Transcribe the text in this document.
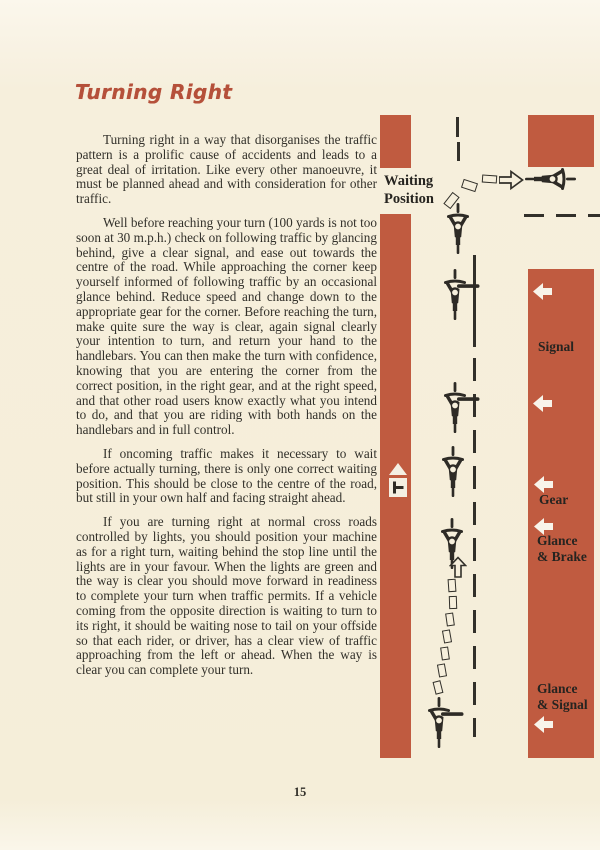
Turning Right

Turning right in a way that disorganises the traffic pattern is a prolific cause of accidents and leads to a great deal of irritation. Like every other manoeuvre, it must be planned ahead and with consideration for other traffic.

Well before reaching your turn (100 yards is not too soon at 30 m.p.h.) check on following traffic by glancing behind, give a clear signal, and ease out towards the centre of the road. While approaching the corner keep yourself informed of following traffic by an occasional glance behind. Reduce speed and change down to the appropriate gear for the corner. Before reaching the turn, make quite sure the way is clear, again signal clearly your intention to turn, and return your hand to the handlebars. You can then make the turn with confidence, knowing that you are entering the corner from the correct position, in the right gear, and at the right speed, and that other road users know exactly what you intend to do, and that you are riding with both hands on the handlebars and in full control.

If oncoming traffic makes it necessary to wait before actually turning, there is only one correct waiting position. This should be close to the centre of the road, but still in your own half and facing straight ahead.

If you are turning right at normal cross roads controlled by lights, you should position your machine as for a right turn, waiting behind the stop line until the lights are in your favour. When the lights are green and the way is clear you should move forward in readiness to complete your turn when traffic permits. If a vehicle coming from the opposite direction is waiting to turn to its right, it should be waiting nose to tail on your offside so that each rider, or driver, has a clear view of traffic approaching from the left or ahead. When the way is clear you can complete your turn.

Waiting
Position
Signal
Gear
Glance
& Brake
Glance
& Signal
15
